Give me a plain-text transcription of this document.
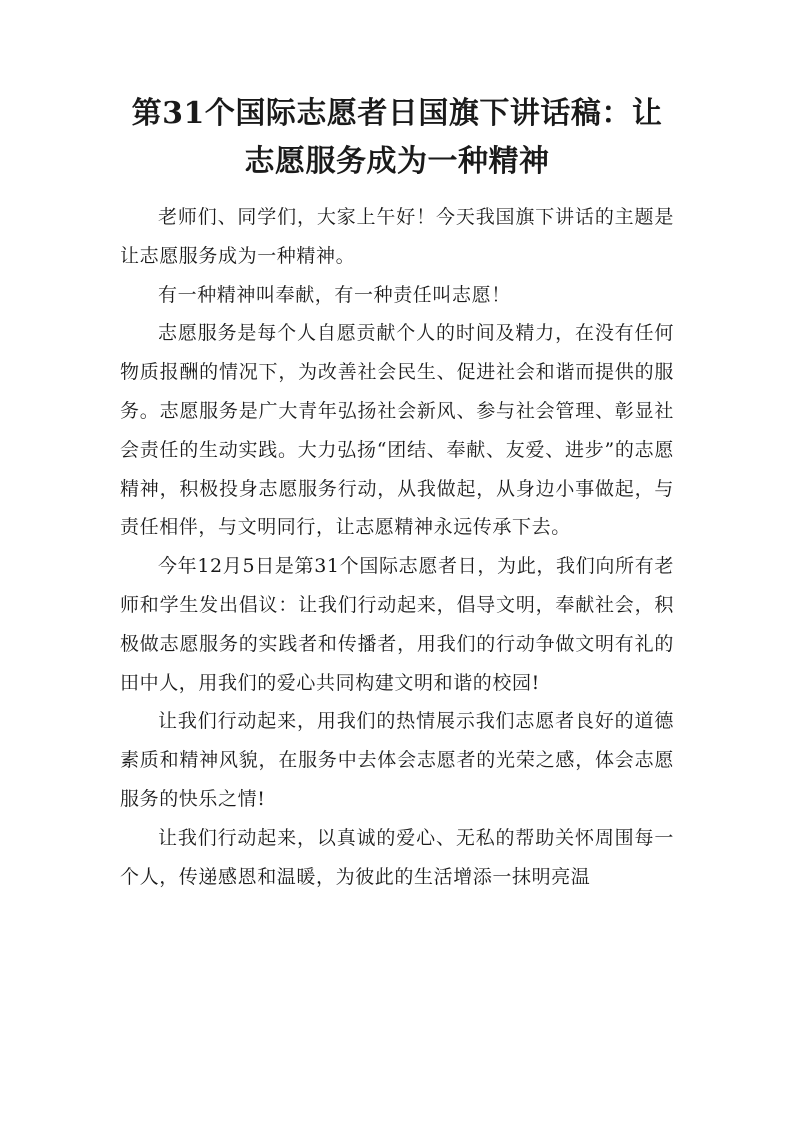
第31个国际志愿者日国旗下讲话稿：让志愿服务成为一种精神

老师们、同学们，大家上午好！今天我国旗下讲话的主题是让志愿服务成为一种精神。

有一种精神叫奉献，有一种责任叫志愿！

志愿服务是每个人自愿贡献个人的时间及精力，在没有任何物质报酬的情况下，为改善社会民生、促进社会和谐而提供的服务。志愿服务是广大青年弘扬社会新风、参与社会管理、彰显社会责任的生动实践。大力弘扬“团结、奉献、友爱、进步”的志愿精神，积极投身志愿服务行动，从我做起，从身边小事做起，与责任相伴，与文明同行，让志愿精神永远传承下去。

今年12月5日是第31个国际志愿者日，为此，我们向所有老师和学生发出倡议：让我们行动起来，倡导文明，奉献社会，积极做志愿服务的实践者和传播者，用我们的行动争做文明有礼的田中人，用我们的爱心共同构建文明和谐的校园!

让我们行动起来，用我们的热情展示我们志愿者良好的道德素质和精神风貌，在服务中去体会志愿者的光荣之感，体会志愿服务的快乐之情!

让我们行动起来，以真诚的爱心、无私的帮助关怀周围每一个人，传递感恩和温暖，为彼此的生活增添一抹明亮温
